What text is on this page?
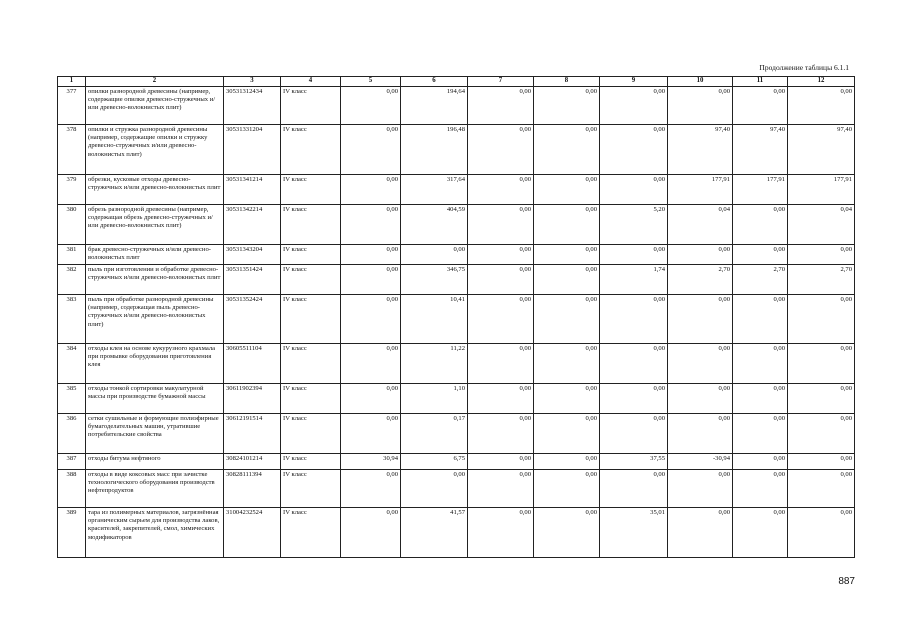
Продолжение таблицы 6.1.1
1	2	3	4	5	6	7	8	9	10	11	12
377	опилки разнородной древесины (например, содержащие опилки древесно-стружечных и/или древесно-волокнистых плит)	30531312434	IV класс	0,00	194,64	0,00	0,00	0,00	0,00	0,00	0,00
378	опилки и стружка разнородной древесины (например, содержащие опилки и стружку древесно-стружечных и/или древесно-волокнистых плит)	30531331204	IV класс	0,00	196,48	0,00	0,00	0,00	97,40	97,40	97,40
379	обрезки, кусковые отходы древесно-стружечных и/или древесно-волокнистых плит	30531341214	IV класс	0,00	317,64	0,00	0,00	0,00	177,91	177,91	177,91
380	обрезь разнородной древесины (например, содержащая обрезь древесно-стружечных и/или древесно-волокнистых плит)	30531342214	IV класс	0,00	404,59	0,00	0,00	5,20	0,04	0,00	0,04
381	брак древесно-стружечных и/или древесно-волокнистых плит	30531343204	IV класс	0,00	0,00	0,00	0,00	0,00	0,00	0,00	0,00
382	пыль при изготовлении и обработке древесно-стружечных и/или древесно-волокнистых плит	30531351424	IV класс	0,00	346,75	0,00	0,00	1,74	2,70	2,70	2,70
383	пыль при обработке разнородной древесины (например, содержащая пыль древесно-стружечных и/или древесно-волокнистых плит)	30531352424	IV класс	0,00	10,41	0,00	0,00	0,00	0,00	0,00	0,00
384	отходы клея на основе кукурузного крахмала при промывке оборудования приготовления клея	30605511104	IV класс	0,00	11,22	0,00	0,00	0,00	0,00	0,00	0,00
385	отходы тонкой сортировки макулатурной массы при производстве бумажной массы	30611902394	IV класс	0,00	1,10	0,00	0,00	0,00	0,00	0,00	0,00
386	сетки сушильные и формующие полиэфирные бумагоделательных машин, утратившие потребительские свойства	30612191514	IV класс	0,00	0,17	0,00	0,00	0,00	0,00	0,00	0,00
387	отходы битума нефтяного	30824101214	IV класс	30,94	6,75	0,00	0,00	37,55	-30,94	0,00	0,00
388	отходы в виде коксовых масс при зачистке технологического оборудования производств нефтепродуктов	30828111394	IV класс	0,00	0,00	0,00	0,00	0,00	0,00	0,00	0,00
389	тара из полимерных материалов, загрязнённая органическим сырьем для производства лаков, красителей, закрепителей, смол, химических модификаторов	31004232524	IV класс	0,00	41,57	0,00	0,00	35,01	0,00	0,00	0,00
887
